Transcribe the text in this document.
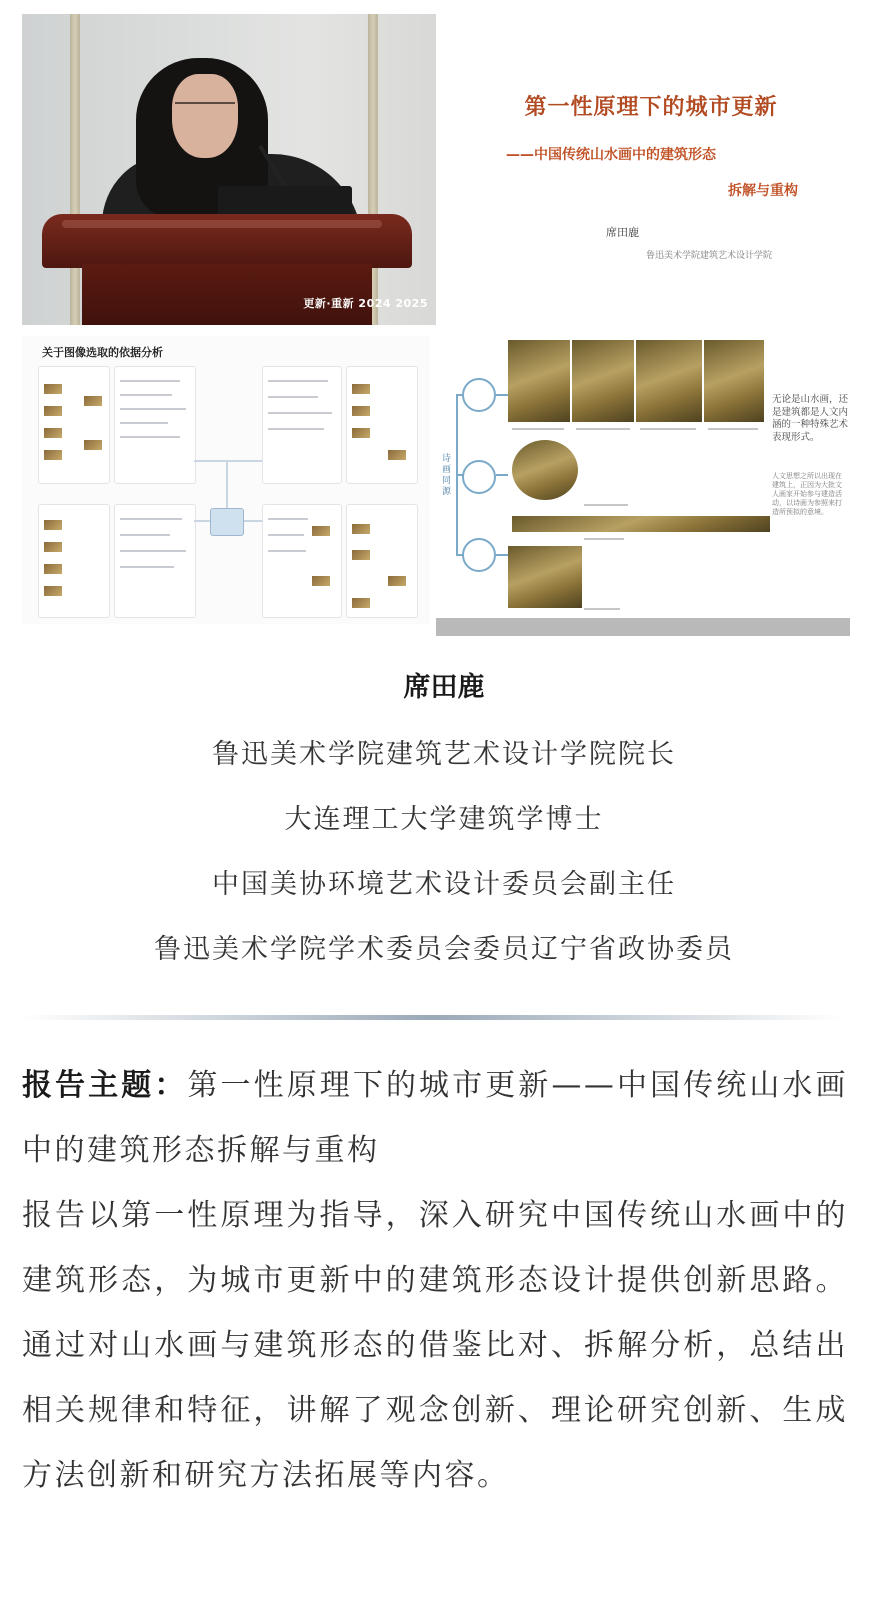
更新·重新 2024 2025
第一性原理下的城市更新
——中国传统山水画中的建筑形态
拆解与重构
席田鹿
鲁迅美术学院建筑艺术设计学院
关于图像选取的依据分析
诗画同源
无论是山水画，还是建筑都是人文内涵的一种特殊艺术表现形式。
人文思想之所以出现在建筑上，正因为大批文人画家开始参与建造活动，以诗画为参照来打造所预拟的意境。
席田鹿
鲁迅美术学院建筑艺术设计学院院长
大连理工大学建筑学博士
中国美协环境艺术设计委员会副主任
鲁迅美术学院学术委员会委员辽宁省政协委员
报告主题：第一性原理下的城市更新——中国传统山水画中的建筑形态拆解与重构
报告以第一性原理为指导，深入研究中国传统山水画中的建筑形态，为城市更新中的建筑形态设计提供创新思路。通过对山水画与建筑形态的借鉴比对、拆解分析，总结出相关规律和特征，讲解了观念创新、理论研究创新、生成方法创新和研究方法拓展等内容。
